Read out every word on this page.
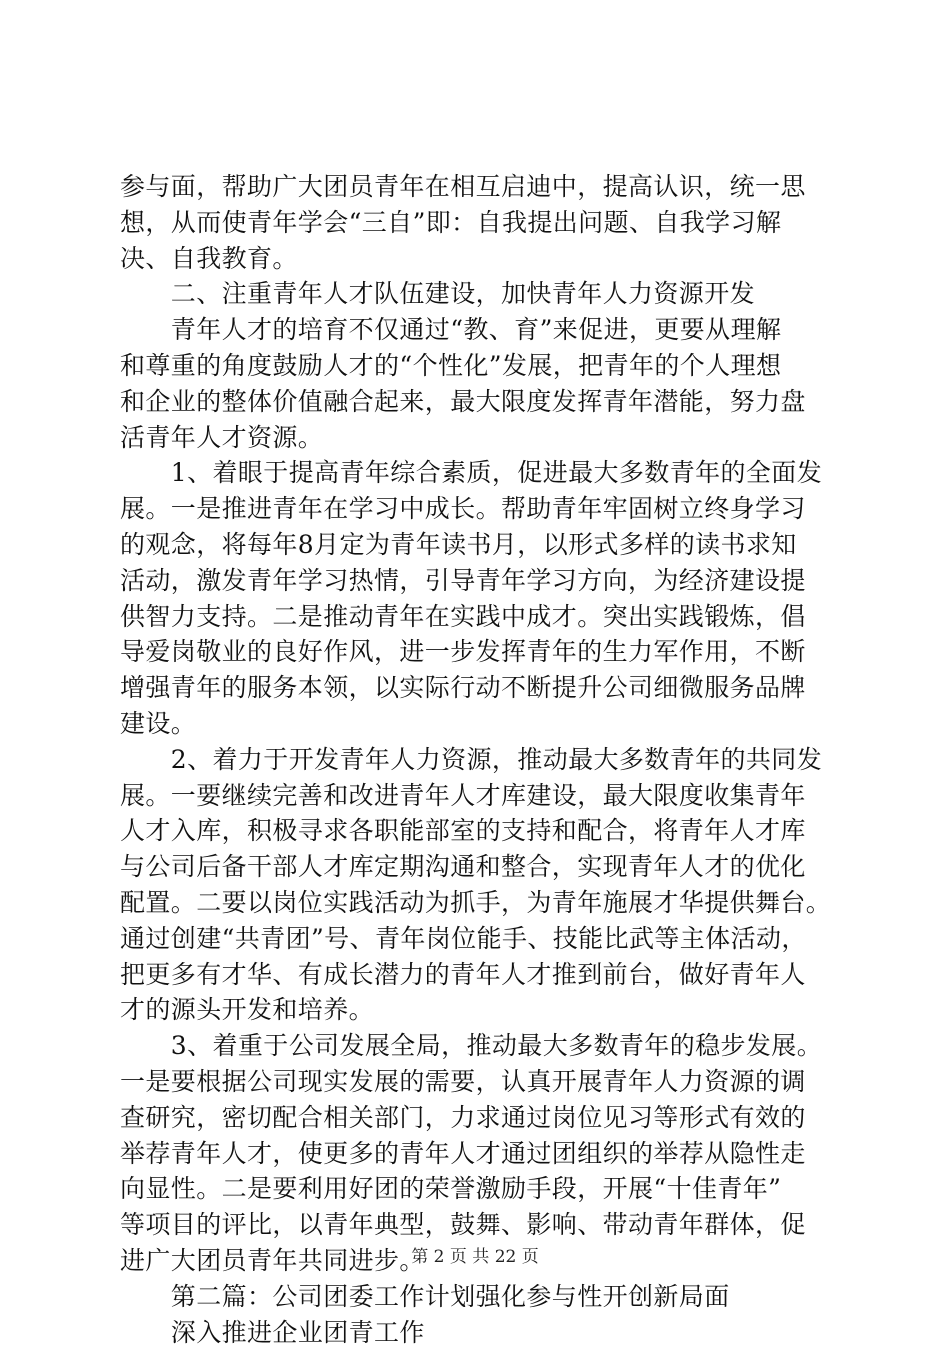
参与面，帮助广大团员青年在相互启迪中，提高认识，统一思
想，从而使青年学会“三自”即：自我提出问题、自我学习解
决、自我教育。
　　二、注重青年人才队伍建设，加快青年人力资源开发
　　青年人才的培育不仅通过“教、育”来促进，更要从理解
和尊重的角度鼓励人才的“个性化”发展，把青年的个人理想
和企业的整体价值融合起来，最大限度发挥青年潜能，努力盘
活青年人才资源。
　　1、着眼于提高青年综合素质，促进最大多数青年的全面发
展。一是推进青年在学习中成长。帮助青年牢固树立终身学习
的观念，将每年8月定为青年读书月，以形式多样的读书求知
活动，激发青年学习热情，引导青年学习方向，为经济建设提
供智力支持。二是推动青年在实践中成才。突出实践锻炼，倡
导爱岗敬业的良好作风，进一步发挥青年的生力军作用，不断
增强青年的服务本领，以实际行动不断提升公司细微服务品牌
建设。
　　2、着力于开发青年人力资源，推动最大多数青年的共同发
展。一要继续完善和改进青年人才库建设，最大限度收集青年
人才入库，积极寻求各职能部室的支持和配合，将青年人才库
与公司后备干部人才库定期沟通和整合，实现青年人才的优化
配置。二要以岗位实践活动为抓手，为青年施展才华提供舞台。
通过创建“共青团”号、青年岗位能手、技能比武等主体活动，
把更多有才华、有成长潜力的青年人才推到前台，做好青年人
才的源头开发和培养。
　　3、着重于公司发展全局，推动最大多数青年的稳步发展。
一是要根据公司现实发展的需要，认真开展青年人力资源的调
查研究，密切配合相关部门，力求通过岗位见习等形式有效的
举荐青年人才，使更多的青年人才通过团组织的举荐从隐性走
向显性。二是要利用好团的荣誉激励手段，开展“十佳青年”
等项目的评比，以青年典型，鼓舞、影响、带动青年群体，促
进广大团员青年共同进步。
　　第二篇：公司团委工作计划强化参与性开创新局面
　　深入推进企业团青工作
第 2 页 共 22 页
